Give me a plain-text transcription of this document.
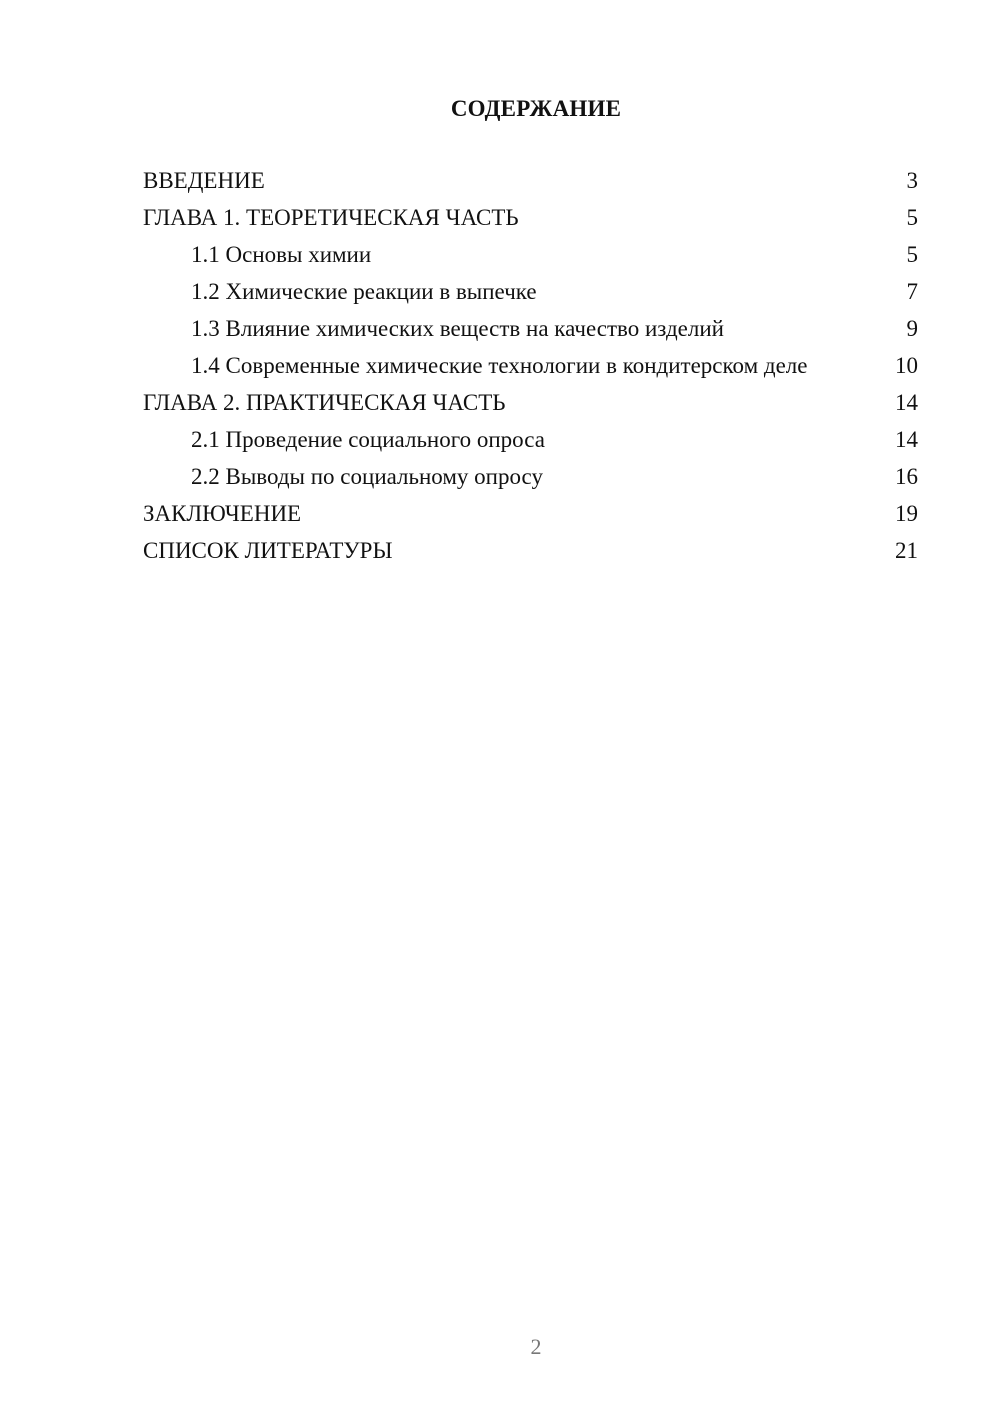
СОДЕРЖАНИЕ
ВВЕДЕНИЕ	3
ГЛАВА 1. ТЕОРЕТИЧЕСКАЯ ЧАСТЬ	5
1.1 Основы химии	5
1.2 Химические реакции в выпечке	7
1.3 Влияние химических веществ на качество изделий	9
1.4 Современные химические технологии в кондитерском деле	10
ГЛАВА 2. ПРАКТИЧЕСКАЯ ЧАСТЬ	14
2.1 Проведение социального опроса	14
2.2 Выводы по социальному опросу	16
ЗАКЛЮЧЕНИЕ	19
СПИСОК ЛИТЕРАТУРЫ	21
2
